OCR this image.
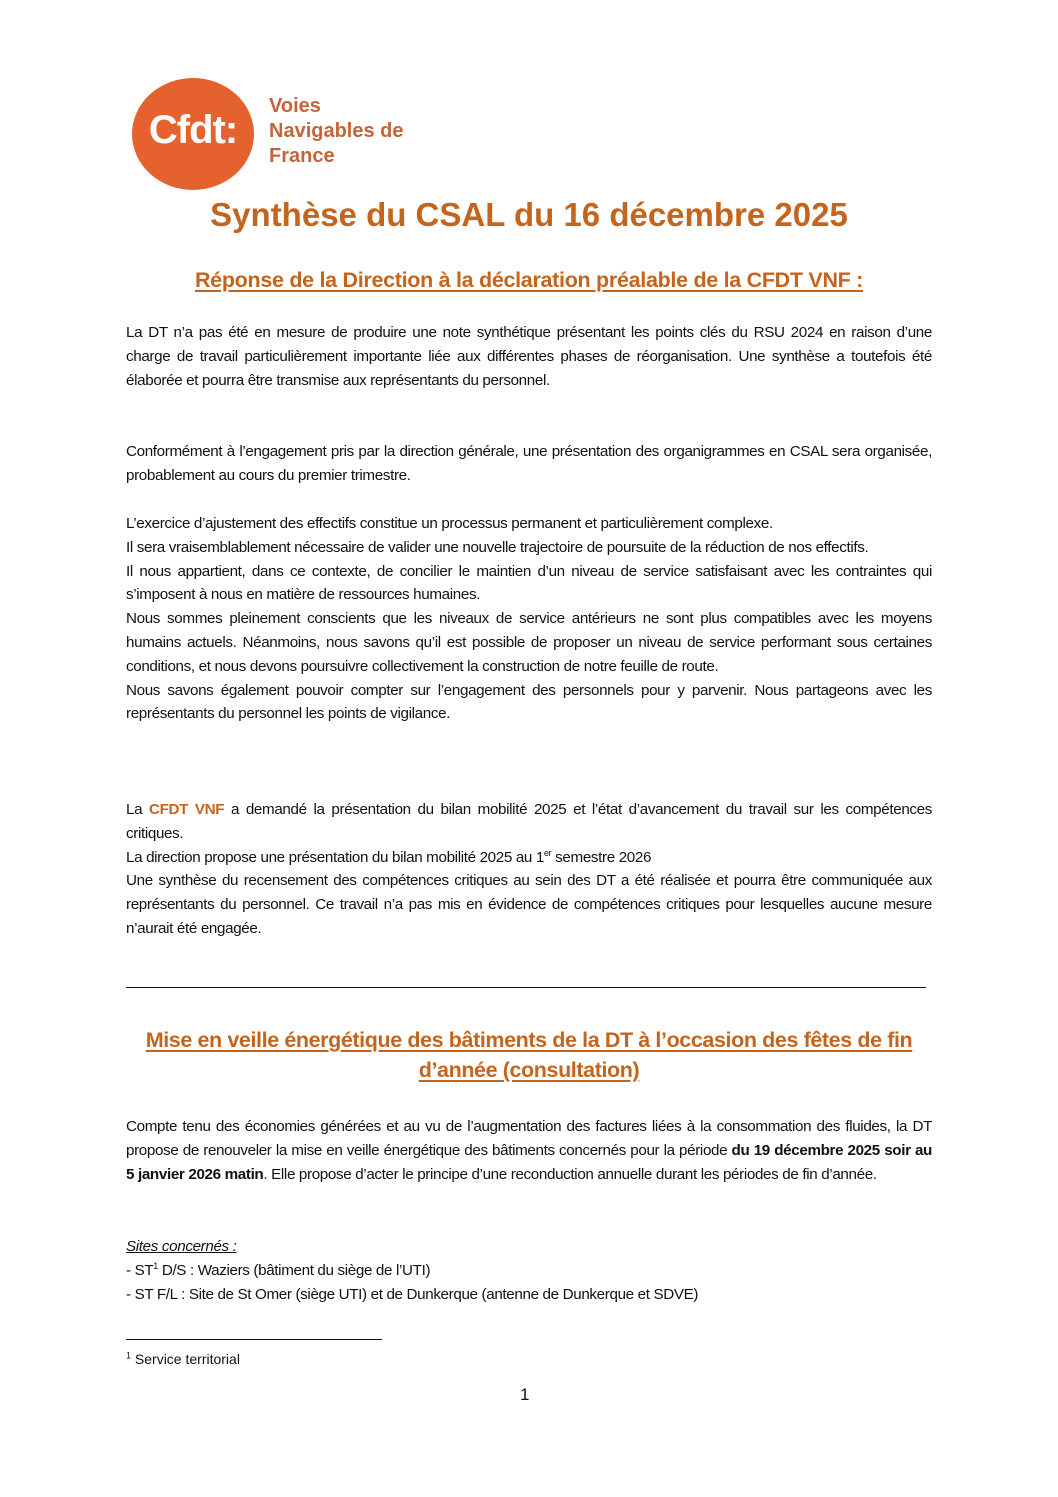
Cfdt:
Voies
Navigables de
France
Synthèse du CSAL du 16 décembre 2025
Réponse de la Direction à la déclaration préalable de la CFDT VNF :

La DT n’a pas été en mesure de produire une note synthétique présentant les points clés du RSU 2024 en raison d’une charge de travail particulièrement importante liée aux différentes phases de réorganisation. Une synthèse a toutefois été élaborée et pourra être transmise aux représentants du personnel.

Conformément à l’engagement pris par la direction générale, une présentation des organigrammes en CSAL sera organisée, probablement au cours du premier trimestre.

L’exercice d’ajustement des effectifs constitue un processus permanent et particulièrement complexe.

Il sera vraisemblablement nécessaire de valider une nouvelle trajectoire de poursuite de la réduction de nos effectifs.

Il nous appartient, dans ce contexte, de concilier le maintien d’un niveau de service satisfaisant avec les contraintes qui s’imposent à nous en matière de ressources humaines.

Nous sommes pleinement conscients que les niveaux de service antérieurs ne sont plus compatibles avec les moyens humains actuels. Néanmoins, nous savons qu’il est possible de proposer un niveau de service performant sous certaines conditions, et nous devons poursuivre collectivement la construction de notre feuille de route.

Nous savons également pouvoir compter sur l’engagement des personnels pour y parvenir. Nous partageons avec les représentants du personnel les points de vigilance.

La CFDT VNF a demandé la présentation du bilan mobilité 2025 et l’état d’avancement du travail sur les compétences critiques.

La direction propose une présentation du bilan mobilité 2025 au 1er semestre 2026

Une synthèse du recensement des compétences critiques au sein des DT a été réalisée et pourra être communiquée aux représentants du personnel. Ce travail n’a pas mis en évidence de compétences critiques pour lesquelles aucune mesure n’aurait été engagée.

Mise en veille énergétique des bâtiments de la DT à l’occasion des fêtes de fin d’année (consultation)

Compte tenu des économies générées et au vu de l’augmentation des factures liées à la consommation des fluides, la DT propose de renouveler la mise en veille énergétique des bâtiments concernés pour la période du 19 décembre 2025 soir au 5 janvier 2026 matin. Elle propose d’acter le principe d’une reconduction annuelle durant les périodes de fin d’année.

Sites concernés :

- $ST^1$ D/S : Waziers (bâtiment du siège de l’UTI)

- ST F/L : Site de St Omer (siège UTI) et de Dunkerque (antenne de Dunkerque et SDVE)

$^1$ Service territorial
1
